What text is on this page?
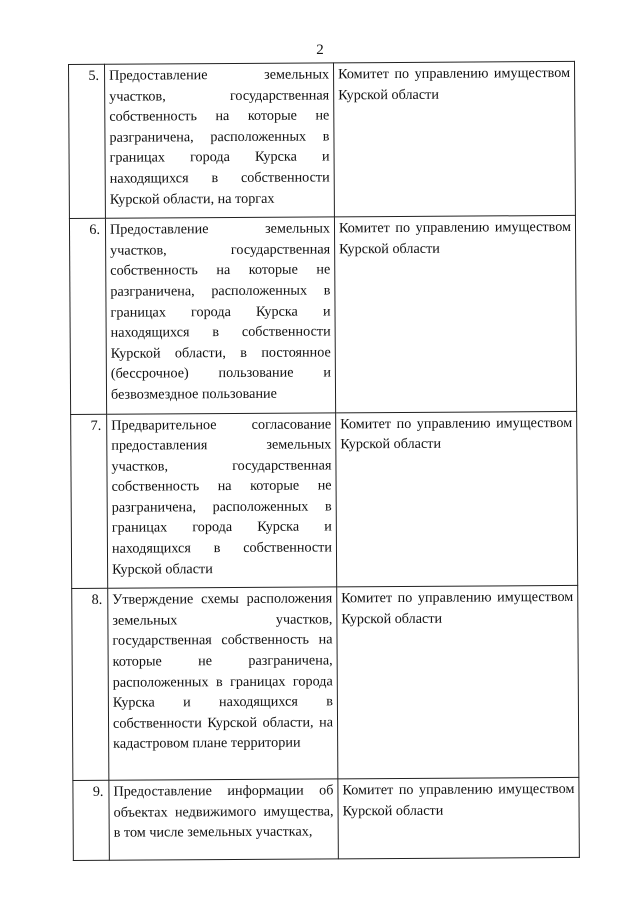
2
5.	Предоставление земельных участков, государственная собственность на которые не разграничена, расположенных в границах города Курска и находящихся в собственности Курской области, на торгах	Комитет по управлению имуществом Курской области
6.	Предоставление земельных участков, государственная собственность на которые не разграничена, расположенных в границах города Курска и находящихся в собственности Курской области, в постоянное (бессрочное) пользование и безвозмездное пользование	Комитет по управлению имуществом Курской области
7.	Предварительное согласование предоставления земельных участков, государственная собственность на которые не разграничена, расположенных в границах города Курска и находящихся в собственности Курской области	Комитет по управлению имуществом Курской области
8.	Утверждение схемы расположения земельных участков, государственная собственность на которые не разграничена, расположенных в границах города Курска и находящихся в собственности Курской области, на кадастровом плане территории	Комитет по управлению имуществом Курской области
9.	Предоставление информации об объектах недвижимого имущества, в том числе земельных участках,	Комитет по управлению имуществом Курской области
